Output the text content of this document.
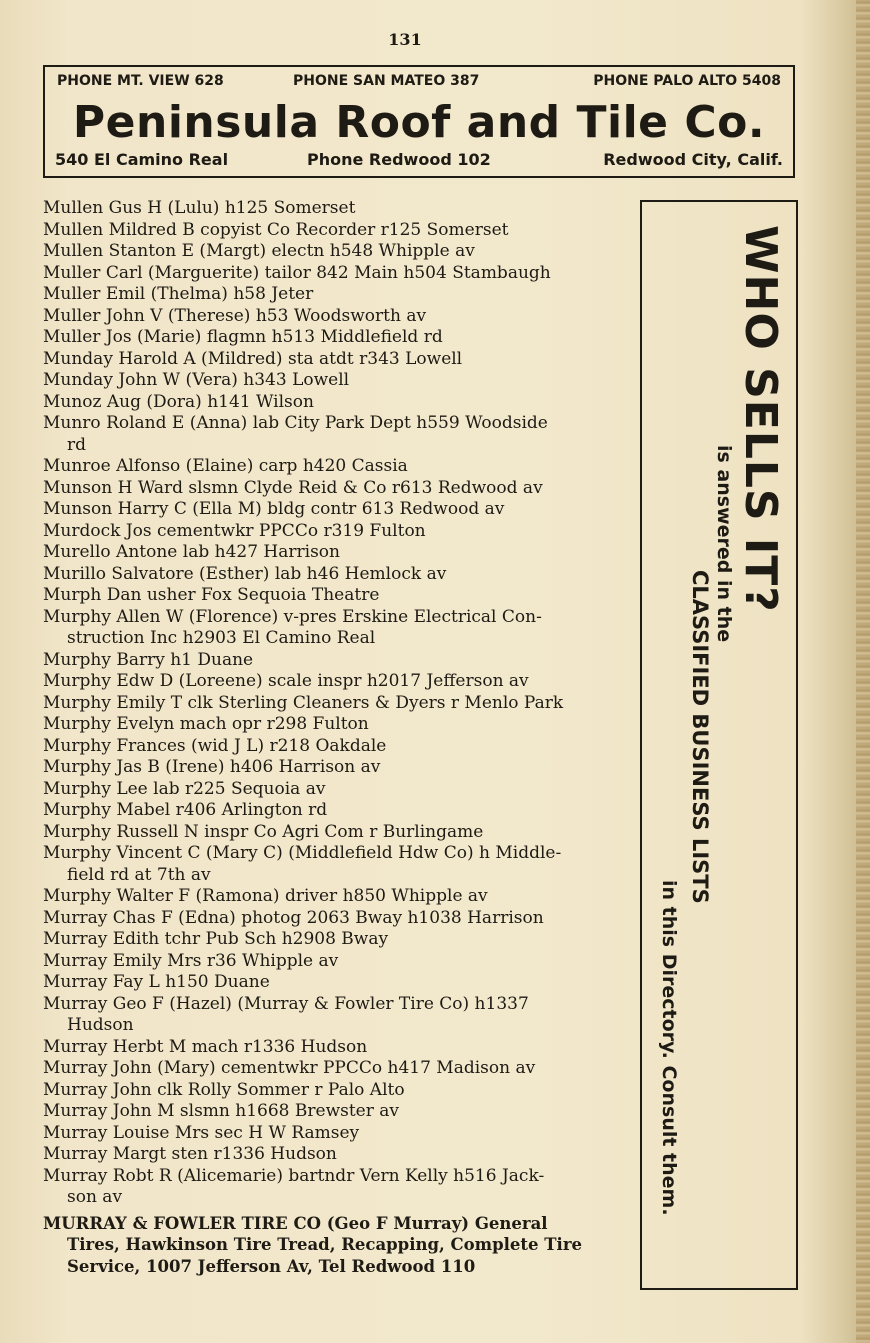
131
PHONE MT. VIEW 628	PHONE SAN MATEO 387	PHONE PALO ALTO 5408
Peninsula Roof and Tile Co.
540 El Camino Real	Phone Redwood 102	Redwood City, Calif.
Mullen Gus H (Lulu) h125 Somerset
Mullen Mildred B copyist Co Recorder r125 Somerset
Mullen Stanton E (Margt) electn h548 Whipple av
Muller Carl (Marguerite) tailor 842 Main h504 Stambaugh
Muller Emil (Thelma) h58 Jeter
Muller John V (Therese) h53 Woodsworth av
Muller Jos (Marie) flagmn h513 Middlefield rd
Munday Harold A (Mildred) sta atdt r343 Lowell
Munday John W (Vera) h343 Lowell
Munoz Aug (Dora) h141 Wilson
Munro Roland E (Anna) lab City Park Dept h559 Woodside
rd
Munroe Alfonso (Elaine) carp h420 Cassia
Munson H Ward slsmn Clyde Reid & Co r613 Redwood av
Munson Harry C (Ella M) bldg contr 613 Redwood av
Murdock Jos cementwkr PPCCo r319 Fulton
Murello Antone lab h427 Harrison
Murillo Salvatore (Esther) lab h46 Hemlock av
Murph Dan usher Fox Sequoia Theatre
Murphy Allen W (Florence) v-pres Erskine Electrical Con-
struction Inc h2903 El Camino Real
Murphy Barry h1 Duane
Murphy Edw D (Loreene) scale inspr h2017 Jefferson av
Murphy Emily T clk Sterling Cleaners & Dyers r Menlo Park
Murphy Evelyn mach opr r298 Fulton
Murphy Frances (wid J L) r218 Oakdale
Murphy Jas B (Irene) h406 Harrison av
Murphy Lee lab r225 Sequoia av
Murphy Mabel r406 Arlington rd
Murphy Russell N inspr Co Agri Com r Burlingame
Murphy Vincent C (Mary C) (Middlefield Hdw Co) h Middle-
field rd at 7th av
Murphy Walter F (Ramona) driver h850 Whipple av
Murray Chas F (Edna) photog 2063 Bway h1038 Harrison
Murray Edith tchr Pub Sch h2908 Bway
Murray Emily Mrs r36 Whipple av
Murray Fay L h150 Duane
Murray Geo F (Hazel) (Murray & Fowler Tire Co) h1337
Hudson
Murray Herbt M mach r1336 Hudson
Murray John (Mary) cementwkr PPCCo h417 Madison av
Murray John clk Rolly Sommer r Palo Alto
Murray John M slsmn h1668 Brewster av
Murray Louise Mrs sec H W Ramsey
Murray Margt sten r1336 Hudson
Murray Robt R (Alicemarie) bartndr Vern Kelly h516 Jack-
son av
MURRAY & FOWLER TIRE CO (Geo F Murray) General
Tires, Hawkinson Tire Tread, Recapping, Complete Tire
Service, 1007 Jefferson Av, Tel Redwood 110
WHO SELLS IT?
is answered in the
CLASSIFIED BUSINESS LISTS
in this Directory. Consult them.
